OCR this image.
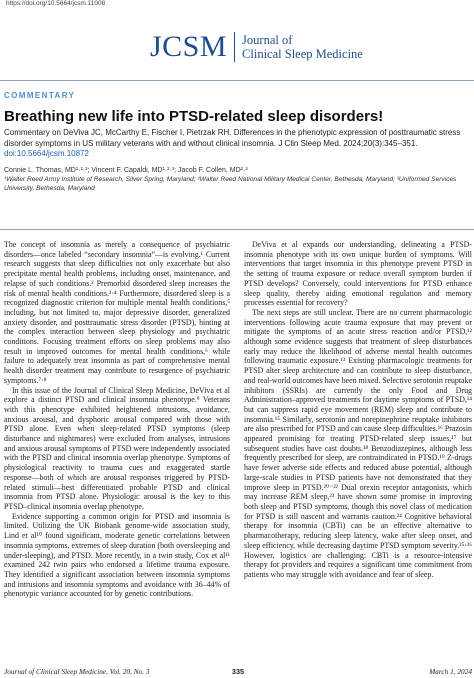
https://doi.org/10.5664/jcsm.11008
JCSM Journal of
Clinical Sleep Medicine
COMMENTARY
Breathing new life into PTSD-related sleep disorders!
Commentary on DeViva JC, McCarthy E, Fischer I, Pietrzak RH. Differences in the phenotypic expression of posttraumatic stress disorder symptoms in US military veterans with and without clinical insomnia. J Clin Sleep Med. 2024;20(3):345–351.
doi:10.5664/jcsm.10872
Connie L. Thomas, MD¹·²·³; Vincent F. Capaldi, MD¹·²·³; Jacob F. Collen, MD²·³
¹Walter Reed Army Institute of Research, Silver Spring, Maryland; ²Walter Reed National Military Medical Center, Bethesda, Maryland; ³Uniformed Services University, Bethesda, Maryland

The concept of insomnia as merely a consequence of psychiatric disorders—once labeled “secondary insomnia”—is evolving.¹ Current research suggests that sleep difficulties not only exacerbate but also precipitate mental health problems, including onset, maintenance, and relapse of such conditions.² Premorbid disordered sleep increases the risk of mental health conditions.³·⁴ Furthermore, disordered sleep is a recognized diagnostic criterion for multiple mental health conditions,⁵ including, but not limited to, major depressive disorder, generalized anxiety disorder, and posttraumatic stress disorder (PTSD), hinting at the complex interaction between sleep physiology and psychiatric conditions. Focusing treatment efforts on sleep problems may also result in improved outcomes for mental health conditions,⁶ while failure to adequately treat insomnia as part of comprehensive mental health disorder treatment may contribute to resurgence of psychiatric symptoms.⁷·⁸

In this issue of the Journal of Clinical Sleep Medicine, DeViva et al explore a distinct PTSD and clinical insomnia phenotype.⁹ Veterans with this phenotype exhibited heightened intrusions, avoidance, anxious arousal, and dysphoric arousal compared with those with PTSD alone. Even when sleep-related PTSD symptoms (sleep disturbance and nightmares) were excluded from analyses, intrusions and anxious arousal symptoms of PTSD were independently associated with the PTSD and clinical insomnia overlap phenotype. Symptoms of physiological reactivity to trauma cues and exaggerated startle response—both of which are arousal responses triggered by PTSD-related stimuli—best differentiated probable PTSD and clinical insomnia from PTSD alone. Physiologic arousal is the key to this PTSD–clinical insomnia overlap phenotype.

Evidence supporting a common origin for PTSD and insomnia is limited. Utilizing the UK Biobank genome-wide association study, Lind et al¹⁰ found significant, moderate genetic correlations between insomnia symptoms, extremes of sleep duration (both oversleeping and under-sleeping), and PTSD. More recently, in a twin study, Cox et al¹¹ examined 242 twin pairs who endorsed a lifetime trauma exposure. They identified a significant association between insomnia symptoms and intrusions and insomnia symptoms and avoidance with 36–44% of phenotypic variance accounted for by genetic contributions.

DeViva et al expands our understanding, delineating a PTSD-insomnia phenotype with its own unique burden of symptoms. Will interventions that target insomnia in this phenotype prevent PTSD in the setting of trauma exposure or reduce overall symptom burden if PTSD develops? Conversely, could interventions for PTSD enhance sleep quality, thereby aiding emotional regulation and memory processes essential for recovery?

The next steps are still unclear. There are no current pharmacologic interventions following acute trauma exposure that may prevent or mitigate the symptoms of an acute stress reaction and/or PTSD,¹² although some evidence suggests that treatment of sleep disturbances early may reduce the likelihood of adverse mental health outcomes following traumatic exposure.¹³ Existing pharmacologic treatments for PTSD alter sleep architecture and can contribute to sleep disturbance, and real-world outcomes have been mixed. Selective serotonin reuptake inhibitors (SSRIs) are currently the only Food and Drug Administration–approved treatments for daytime symptoms of PTSD,¹⁴ but can suppress rapid eye movement (REM) sleep and contribute to insomnia.¹⁵ Similarly, serotonin and norepinephrine reuptake inhibitors are also prescribed for PTSD and can cause sleep difficulties.¹⁶ Prazosin appeared promising for treating PTSD-related sleep issues,¹⁷ but subsequent studies have cast doubts.¹⁸ Benzodiazepines, although less frequently prescribed for sleep, are contraindicated in PTSD.¹⁹ Z-drugs have fewer adverse side effects and reduced abuse potential, although large-scale studies in PTSD patients have not demonstrated that they improve sleep in PTSD.²⁰⁻²² Dual orexin receptor antagonists, which may increase REM sleep,²³ have shown some promise in improving both sleep and PTSD symptoms, though this novel class of medication for PTSD is still nascent and warrants caution.²⁴ Cognitive behavioral therapy for insomnia (CBTi) can be an effective alternative to pharmacotherapy, reducing sleep latency, wake after sleep onset, and sleep efficiency, while decreasing daytime PTSD symptom severity.²⁵·²⁶ However, logistics are challenging: CBTi is a resource-intensive therapy for providers and requires a significant time commitment from patients who may struggle with avoidance and fear of sleep.

Journal of Clinical Sleep Medicine, Vol. 20, No. 3	335	March 1, 2024
